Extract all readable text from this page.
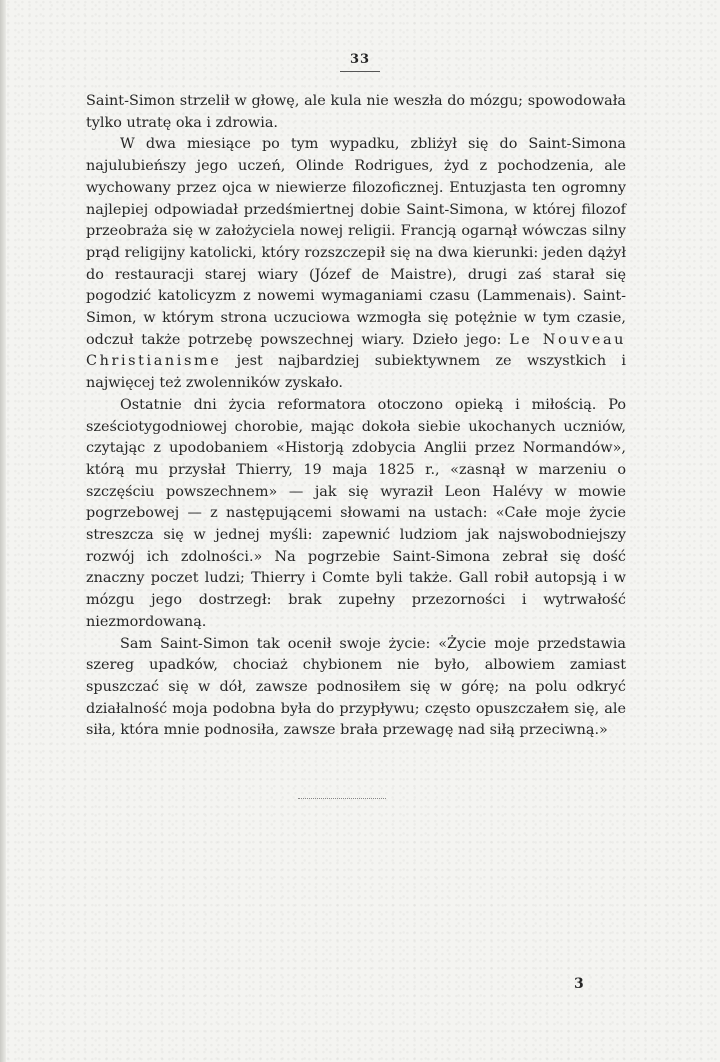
33

Saint-Simon strzelił w głowę, ale kula nie weszła do mózgu; spowodowała tylko utratę oka i zdrowia.

W dwa miesiące po tym wypadku, zbliżył się do Saint-Simona najulubieńszy jego uczeń, Olinde Rodrigues, żyd z pochodzenia, ale wychowany przez ojca w niewierze filozoficznej. Entuzjasta ten ogromny najlepiej odpowiadał przedśmiertnej dobie Saint-Simona, w której filozof przeobraża się w założyciela nowej religii. Francją ogarnął wówczas silny prąd religijny katolicki, który rozszczepił się na dwa kierunki: jeden dążył do restauracji starej wiary (Józef de Maistre), drugi zaś starał się pogodzić katolicyzm z nowemi wymaganiami czasu (Lammenais). Saint-Simon, w którym strona uczuciowa wzmogła się potężnie w tym czasie, odczuł także potrzebę powszechnej wiary. Dzieło jego: Le Nouveau Christianisme jest najbardziej subiektywnem ze wszystkich i najwięcej też zwolenników zyskało.

Ostatnie dni życia reformatora otoczono opieką i miłością. Po sześciotygodniowej chorobie, mając dokoła siebie ukochanych uczniów, czytając z upodobaniem «Historją zdobycia Anglii przez Normandów», którą mu przysłał Thierry, 19 maja 1825 r., «zasnął w marzeniu o szczęściu powszechnem» — jak się wyraził Leon Halévy w mowie pogrzebowej — z następującemi słowami na ustach: «Całe moje życie streszcza się w jednej myśli: zapewnić ludziom jak najswobodniejszy rozwój ich zdolności.» Na pogrzebie Saint-Simona zebrał się dość znaczny poczet ludzi; Thierry i Comte byli także. Gall robił autopsją i w mózgu jego dostrzegł: brak zupełny przezorności i wytrwałość niezmordowaną.

Sam Saint-Simon tak ocenił swoje życie: «Życie moje przedstawia szereg upadków, chociaż chybionem nie było, albowiem zamiast spuszczać się w dół, zawsze podnosiłem się w górę; na polu odkryć działalność moja podobna była do przypływu; często opuszczałem się, ale siła, która mnie podnosiła, zawsze brała przewagę nad siłą przeciwną.»

3
